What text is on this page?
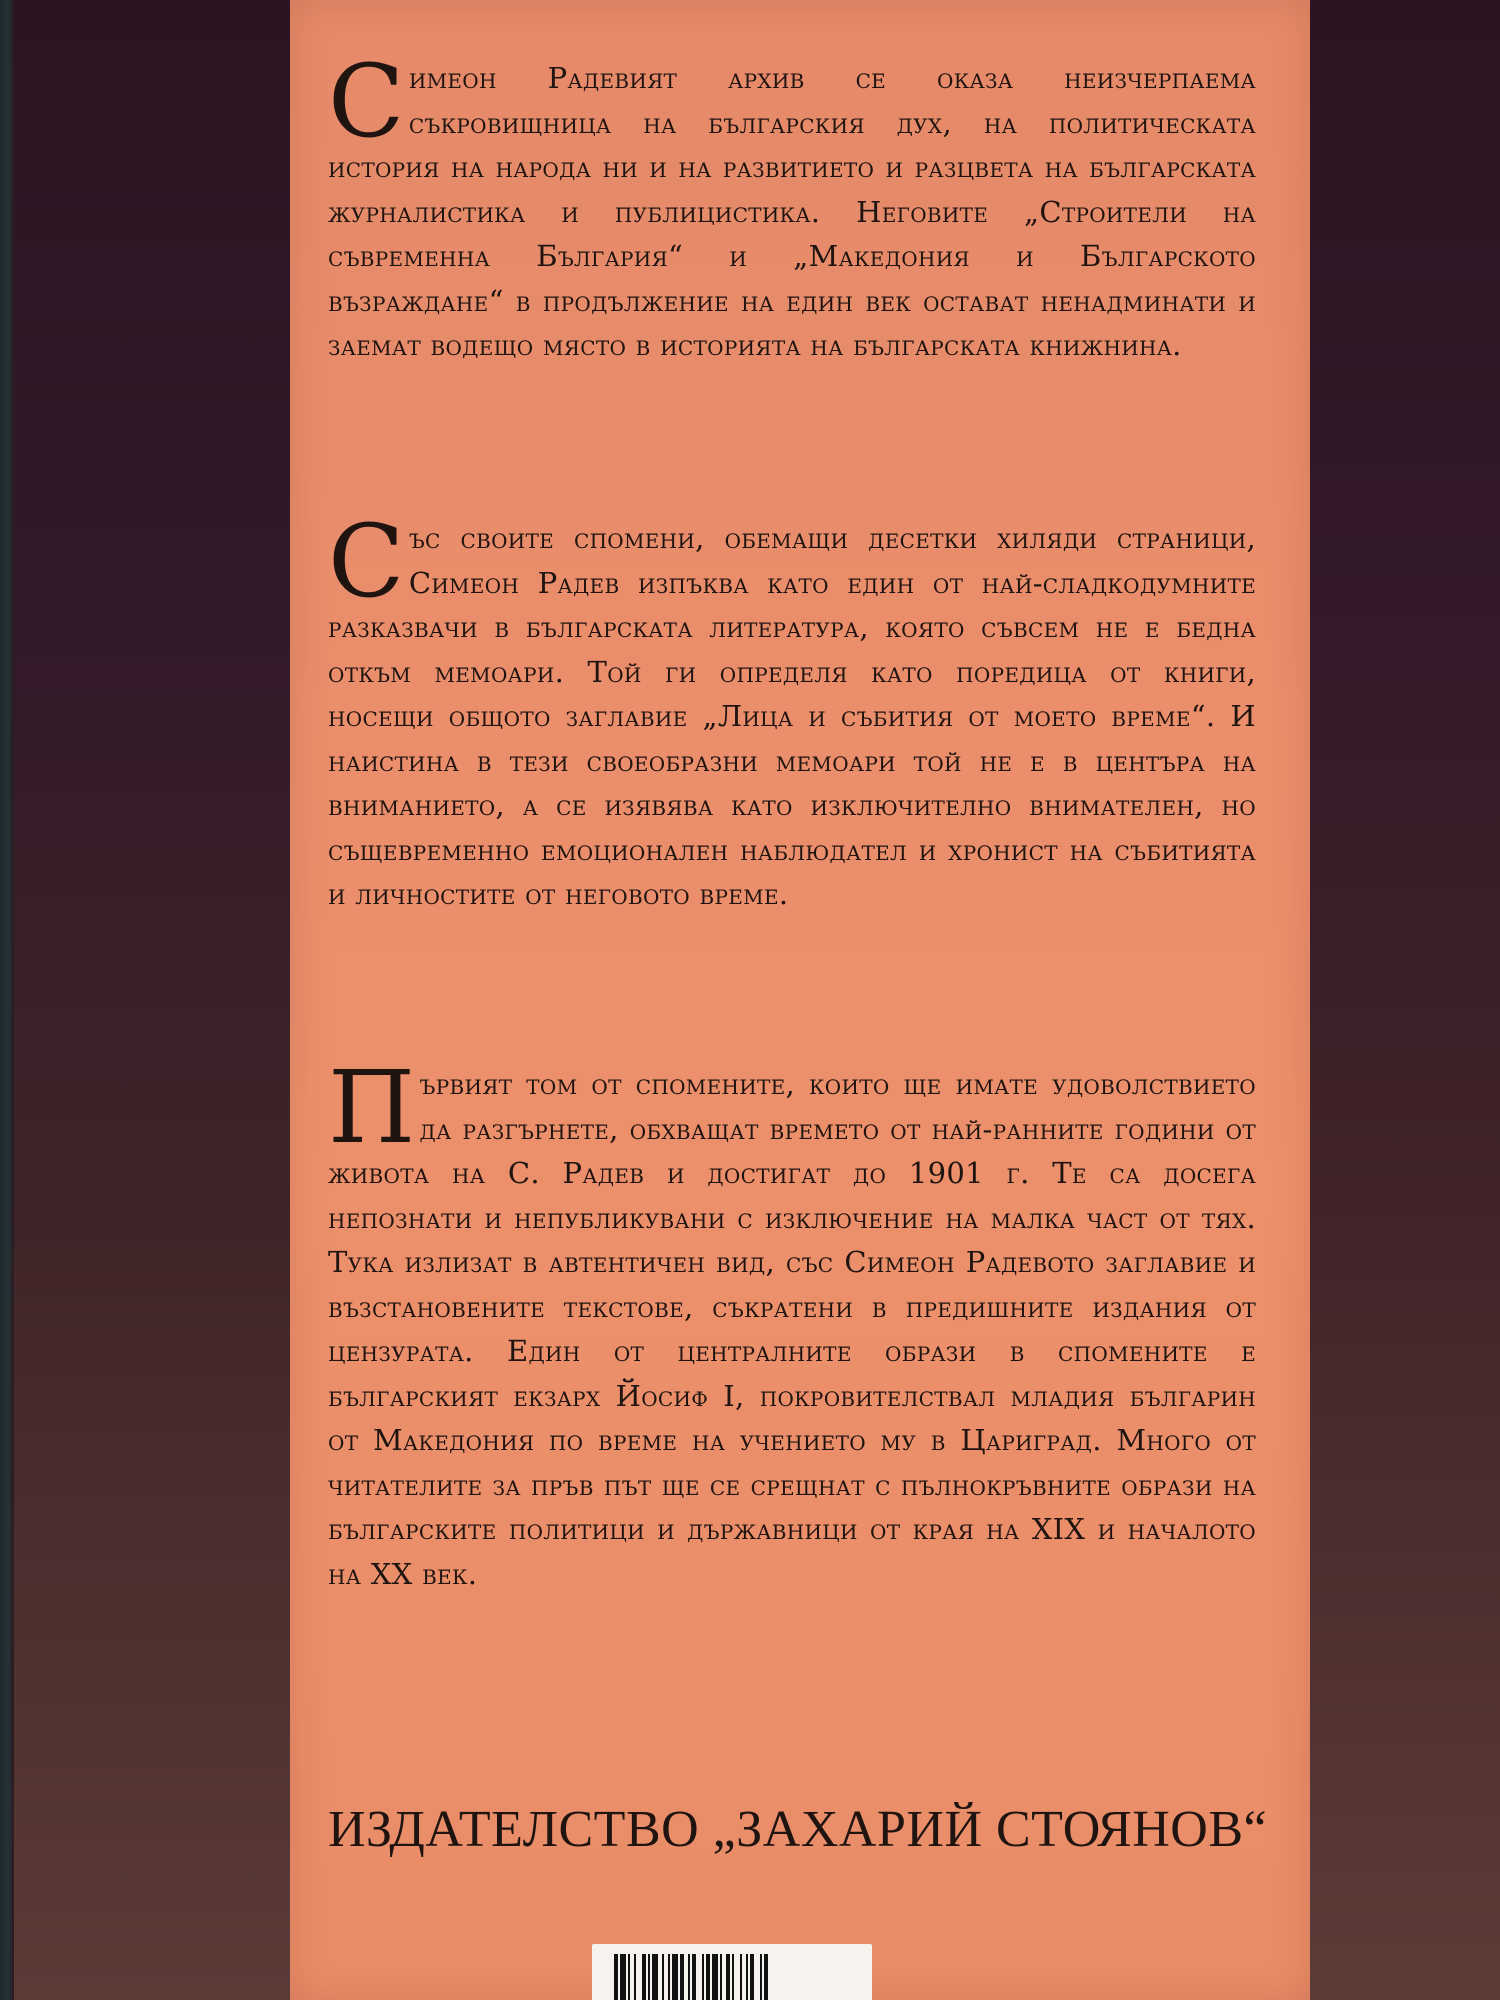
Симеон Радевият архив се оказа неизчерпаема съкровищница на българския дух, на политическата история на народа ни и на развитието и разцвета на българската журналистика и публицистика. Неговите „Строители на съвременна България“ и „Македония и Българското възраждане“ в продължение на един век остават ненадминати и заемат водещо място в историята на българската книжнина.

Със своите спомени, обемащи десетки хиляди страници, Симеон Радев изпъква като един от най-сладкодумните разказвачи в българската литература, която съвсем не е бедна откъм мемоари. Той ги определя като поредица от книги, носещи общото заглавие „Лица и събития от моето време“. И наистина в тези своеобразни мемоари той не е в центъра на вниманието, а се изявява като изключително внимателен, но същевременно емоционален наблюдател и хронист на събитията и личностите от неговото време.

Първият том от спомените, които ще имате удоволствието да разгърнете, обхващат времето от най-ранните години от живота на С. Радев и достигат до 1901 г. Те са досега непознати и непубликувани с изключение на малка част от тях. Тука излизат в автентичен вид, със Симеон Радевото заглавие и възстановените текстове, съкратени в предишните издания от цензурата. Един от централните образи в спомените е българският екзарх Йосиф I, покровителствал младия българин от Македония по време на учението му в Цариград. Много от читателите за пръв път ще се срещнат с пълнокръвните образи на българските политици и държавници от края на XIX и началото на XX век.

ИЗДАТЕЛСТВО „ЗАХАРИЙ СТОЯНОВ“
